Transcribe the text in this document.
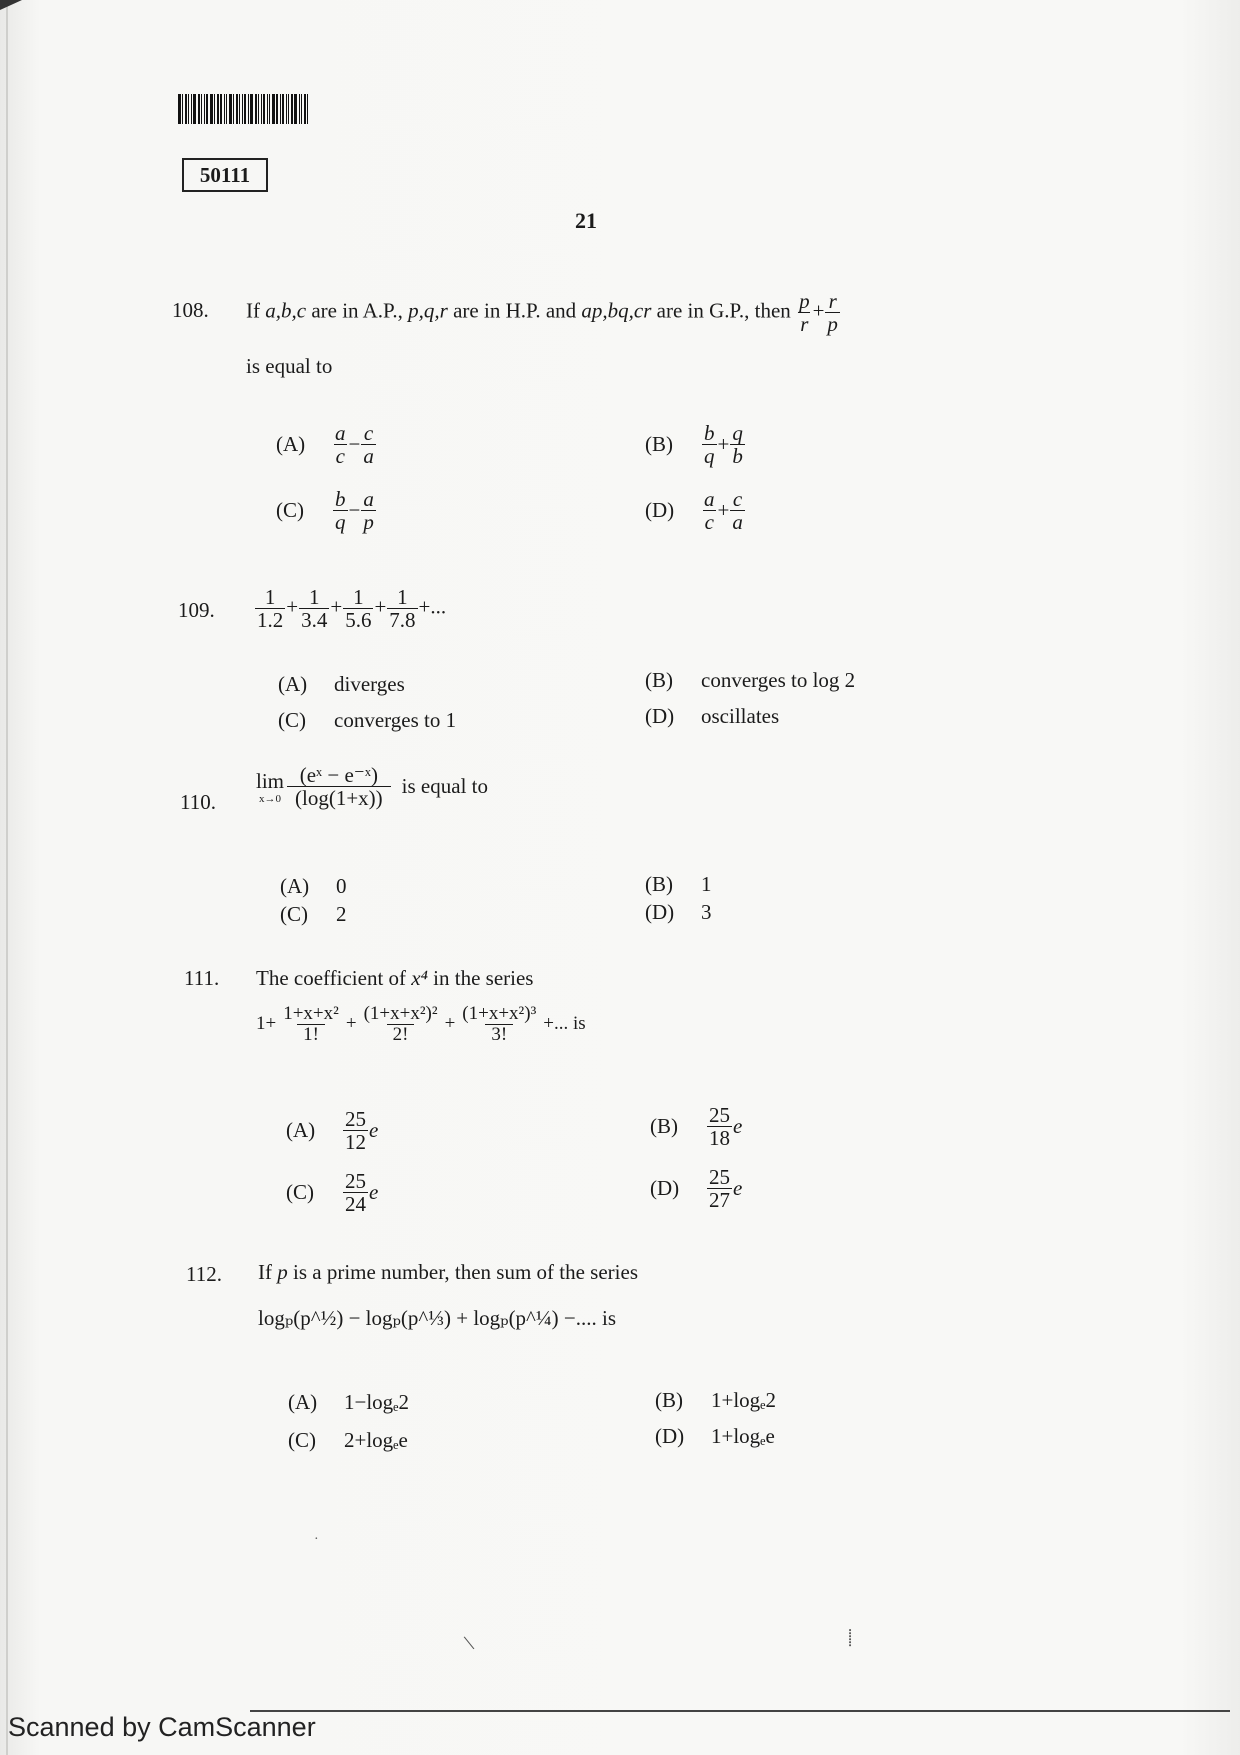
50111
21
108. If a,b,c are in A.P., p,q,r are in H.P. and ap,bq,cr are in G.P., then $\frac{p}{r} + \frac{r}{p}$
is equal to
(A)	$\frac{a}{c} - \frac{c}{a}$	(B)	$\frac{b}{q} + \frac{q}{b}$
(C)	$\frac{b}{q} - \frac{a}{p}$	(D)	$\frac{a}{c} + \frac{c}{a}$
109. $\frac{1}{1.2} + \frac{1}{3.4} + \frac{1}{5.6} + \frac{1}{7.8}$ +...
(A)	diverges	(B)	converges to log 2
(C)	converges to 1	(D)	oscillates
110.
lim
$x\to 0 \frac{\text{(eˣ − e⁻ˣ)}}{(\log(1+x))}$ is equal to
(A)	0	(B)	1
(C)	2	(D)	3
111. The coefficient of x⁴ in the series
$1+ \frac{\text{1+x+x²}}{1!} + \frac{\text{(1+x+x²)²}}{2!} + \frac{\text{(1+x+x²)³}}{3!}$ +... is
(A)	$\frac{25}{12}$ e	(B)	$\frac{25}{18}$ e
(C)	$\frac{25}{24}$ e	(D)	$\frac{25}{27}$ e
112. If p is a prime number, then sum of the series
logₚ(p^½) − logₚ(p^⅓) + logₚ(p^¼) −.... is
(A)	1−logₑ2	(B)	1+logₑ2
(C)	2+logₑe	(D)	1+logₑe
\	⸽
·
Scanned by CamScanner
